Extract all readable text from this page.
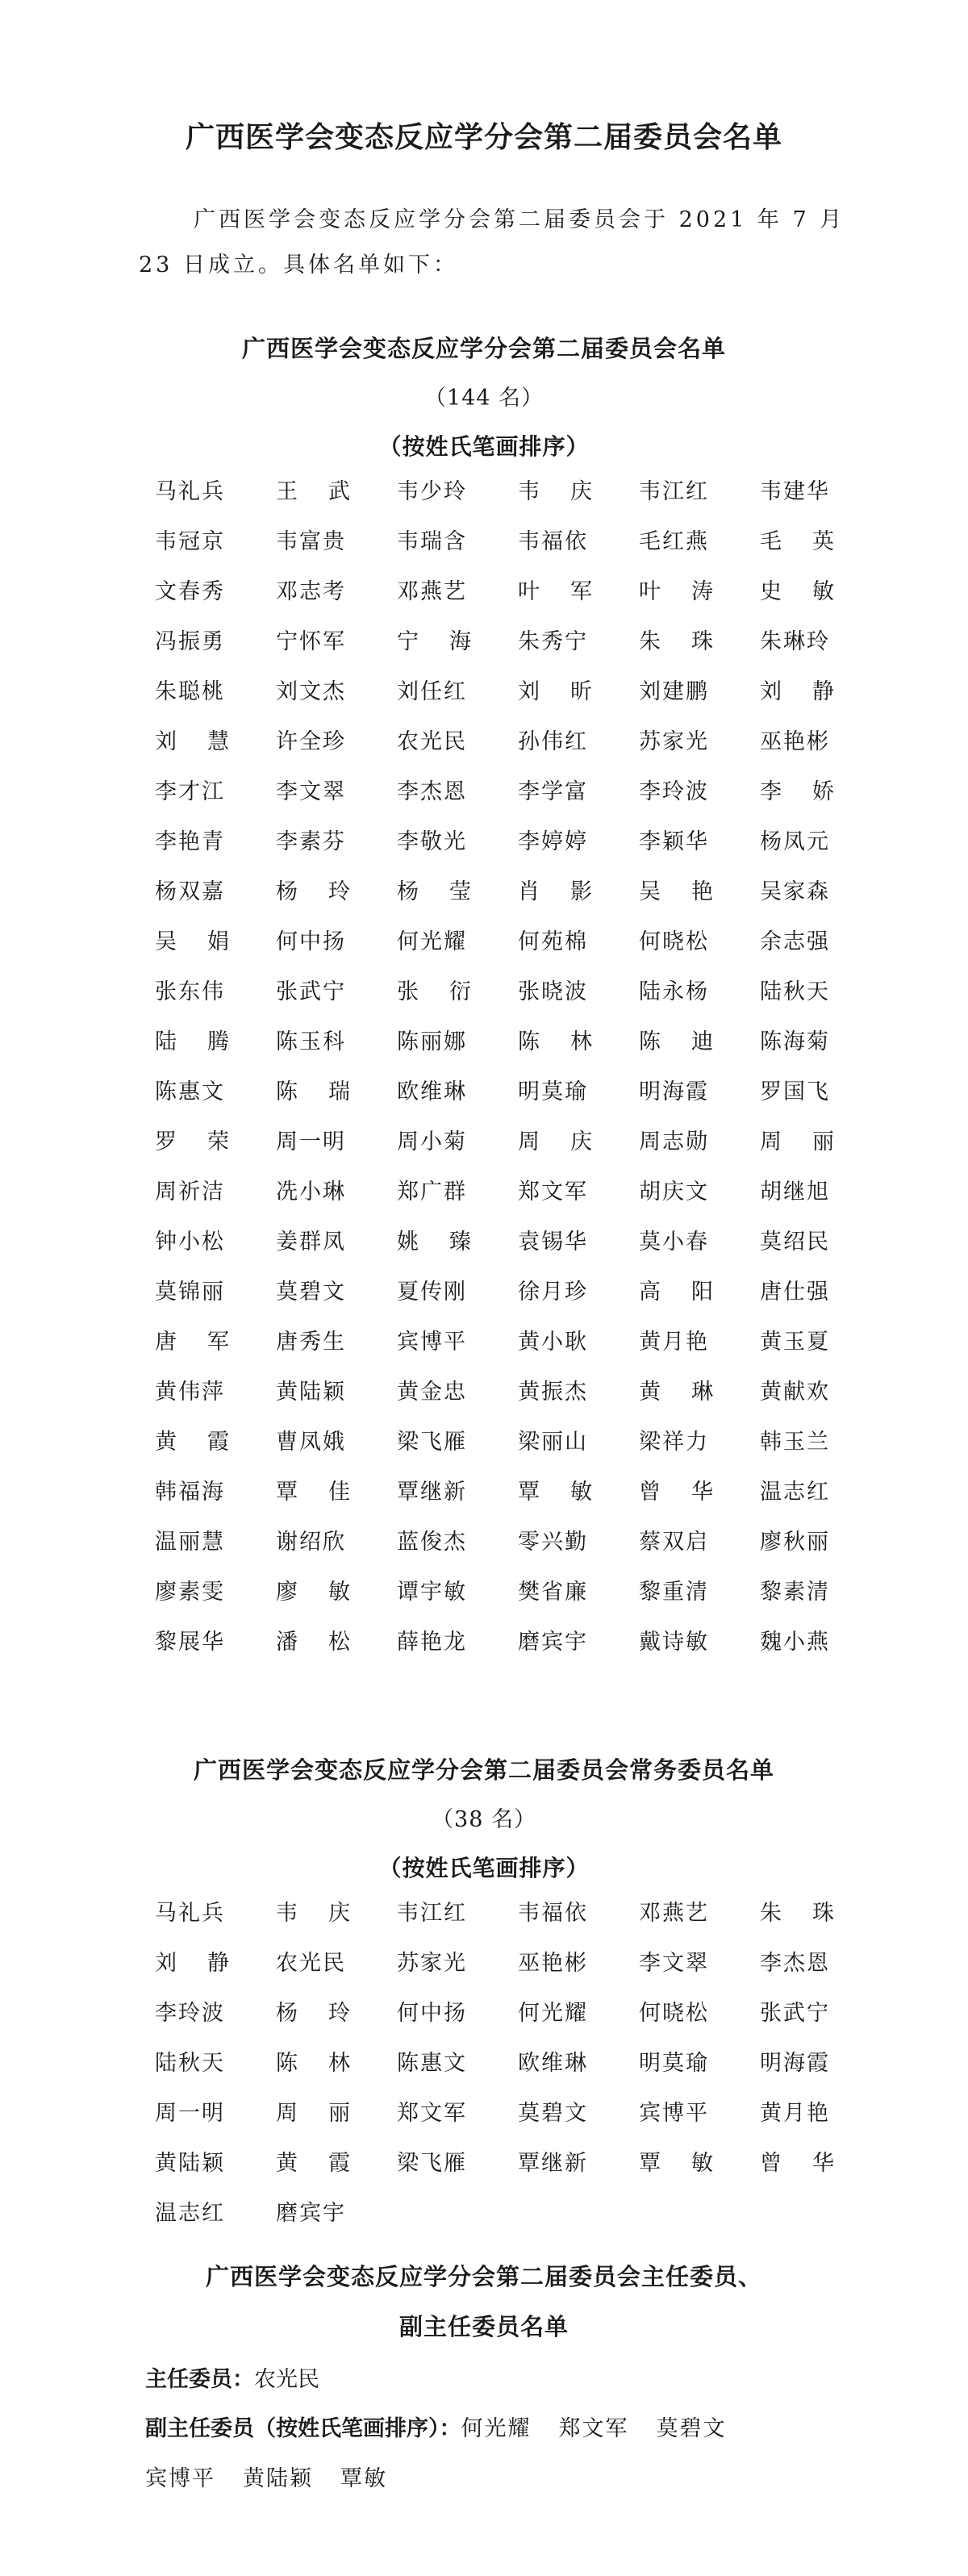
广西医学会变态反应学分会第二届委员会名单
广西医学会变态反应学分会第二届委员会于 2021 年 7 月
23 日成立。具体名单如下：
广西医学会变态反应学分会第二届委员会名单
（144 名）
（按姓氏笔画排序）
马礼兵	王武 韦少玲	韦庆 韦江红	韦建华
韦冠京	韦富贵	韦瑞含	韦福依	毛红燕	毛英
文春秀	邓志考	邓燕艺	叶军 叶涛 史敏
冯振勇	宁怀军	宁海 朱秀宁	朱珠 朱琳玲
朱聪桃	刘文杰	刘任红	刘昕 刘建鹏	刘静
刘慧 许全珍	农光民	孙伟红	苏家光	巫艳彬
李才江	李文翠	李杰恩	李学富	李玲波	李娇
李艳青	李素芬	李敬光	李婷婷	李颖华	杨凤元
杨双嘉	杨玲 杨莹 肖影 吴艳 吴家森
吴娟 何中扬	何光耀	何苑棉	何晓松	余志强
张东伟	张武宁	张衍 张晓波	陆永杨	陆秋天
陆腾 陈玉科	陈丽娜	陈林 陈迪 陈海菊
陈惠文	陈瑞 欧维琳	明莫瑜	明海霞	罗国飞
罗荣 周一明	周小菊	周庆 周志勋	周丽
周祈洁	冼小琳	郑广群	郑文军	胡庆文	胡继旭
钟小松	姜群凤	姚臻 袁锡华	莫小春	莫绍民
莫锦丽	莫碧文	夏传刚	徐月珍	高阳 唐仕强
唐军 唐秀生	宾博平	黄小耿	黄月艳	黄玉夏
黄伟萍	黄陆颖	黄金忠	黄振杰	黄琳 黄献欢
黄霞 曹凤娥	梁飞雁	梁丽山	梁祥力	韩玉兰
韩福海	覃佳 覃继新	覃敏 曾华 温志红
温丽慧	谢绍欣	蓝俊杰	零兴勤	蔡双启	廖秋丽
廖素雯	廖敏 谭宇敏	樊省廉	黎重清	黎素清
黎展华	潘松 薛艳龙	磨宾宇	戴诗敏	魏小燕
广西医学会变态反应学分会第二届委员会常务委员名单
（38 名）
（按姓氏笔画排序）
马礼兵	韦庆 韦江红	韦福依	邓燕艺	朱珠
刘静 农光民	苏家光	巫艳彬	李文翠	李杰恩
李玲波	杨玲 何中扬	何光耀	何晓松	张武宁
陆秋天	陈林 陈惠文	欧维琳	明莫瑜	明海霞
周一明	周丽 郑文军	莫碧文	宾博平	黄月艳
黄陆颖	黄霞 梁飞雁	覃继新	覃敏 曾华
温志红	磨宾宇
广西医学会变态反应学分会第二届委员会主任委员、
副主任委员名单
主任委员：农光民
副主任委员（按姓氏笔画排序）：何光耀 郑文军 莫碧文
宾博平 黄陆颖 覃敏
